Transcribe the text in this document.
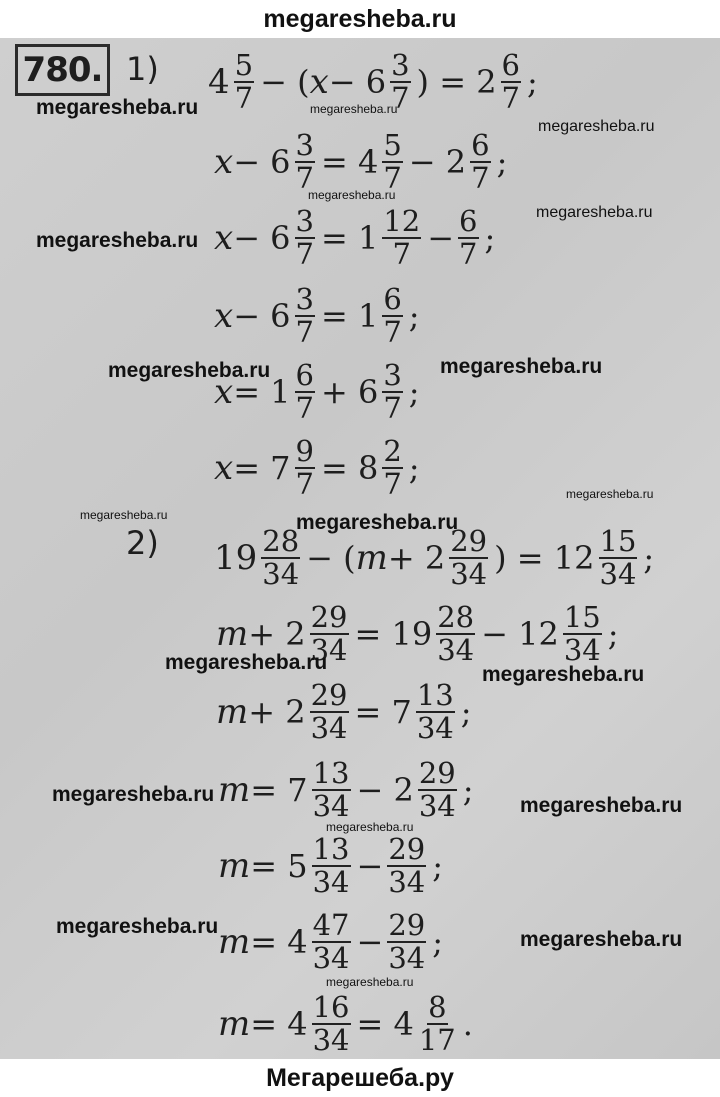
megaresheba.ru
780. 1)
2)
$4 \frac{5}{7}$ − ( $x - 6 \frac{3}{7}$ ) = $2 \frac{6}{7}$ ;
$x - 6 \frac{3}{7} = 4 \frac{5}{7} - 2 \frac{6}{7}$ ;
$x - 6 \frac{3}{7} = 1 \frac{12}{7} - \frac{6}{7}$ ;
$x - 6 \frac{3}{7} = 1 \frac{6}{7}$ ;
$x = 1 \frac{6}{7} + 6 \frac{3}{7}$ ;
$x = 7 \frac{9}{7} = 8 \frac{2}{7}$ ;
$19 \frac{28}{34}$ − ( $m + 2 \frac{29}{34}$ ) = $12 \frac{15}{34}$ ;
$m + 2 \frac{29}{34} = 19 \frac{28}{34} - 12 \frac{15}{34}$ ;
$m + 2 \frac{29}{34} = 7 \frac{13}{34}$ ;
$m = 7 \frac{13}{34} - 2 \frac{29}{34}$ ;
$m = 5 \frac{13}{34} - \frac{29}{34}$ ;
$m = 4 \frac{47}{34} - \frac{29}{34}$ ;
$m = 4 \frac{16}{34} = 4 \frac{8}{17}$ .
megaresheba.ru	megaresheba.ru
megaresheba.ru
megaresheba.ru
megaresheba.ru
megaresheba.ru
megaresheba.ru	megaresheba.ru
megaresheba.ru
megaresheba.ru	megaresheba.ru
megaresheba.ru
megaresheba.ru
megaresheba.ru	megaresheba.ru
megaresheba.ru
megaresheba.ru
megaresheba.ru
megaresheba.ru
Мегарешеба.ру
